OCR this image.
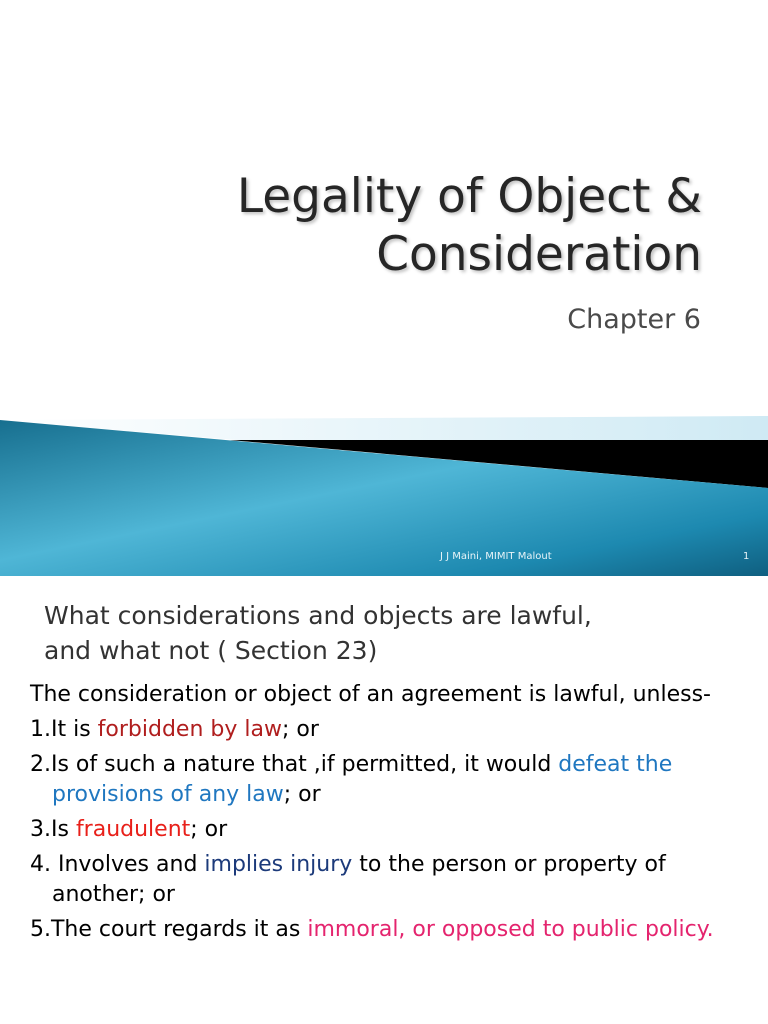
Legality of Object &
Consideration
Chapter 6
J J Maini, MIMIT Malout	1
What considerations and objects are lawful,
and what not ( Section 23)
The consideration or object of an agreement is lawful, unless-
1.It is forbidden by law; or
2.Is of such a nature that ,if permitted, it would defeat the provisions of any law; or
3.Is fraudulent; or
4. Involves and implies injury to the person or property of another; or
5.The court regards it as immoral, or opposed to public policy.
